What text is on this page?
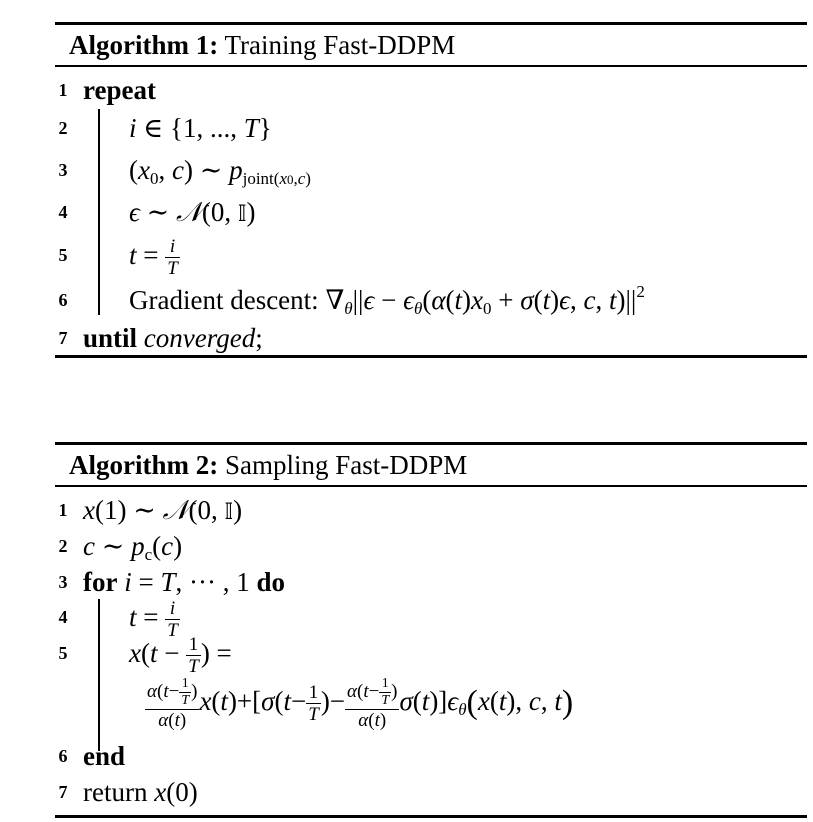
Algorithm 1: Training Fast-DDPM
1 repeat
2 i ∈ {1, ..., T}
3 ($x_0$, c) ∼ $p_{joint(x0,c)}$
4 ϵ ∼ 𝒩(0, 𝕀)
5 $t = \frac{i}{T}$
6 Gradient descent: $\nabla_\theta||\epsilon - \epsilon_\theta(\alpha(t)x_0 + \sigma(t)\epsilon$, c, $t)||^2$
7 until converged;
Algorithm 2: Sampling Fast-DDPM
1 x(1) ∼ 𝒩(0, 𝕀)
2 c ∼ $p_c(c)$
3 for i = T, ··· , 1 do
4 $t = \frac{i}{T}$
5 $x(t - \frac{1}{T}$ ) =
$\frac{\alpha(t- \frac{1}{T} )}{\alpha(t)} x(t)+[\sigma(t- \frac{1}{T}$ )− $\frac{\alpha(t- \frac{1}{T} )}{\alpha(t)} \sigma(t)]\epsilon_\theta(x(t)$, c, t)
6 end
7 return x(0)
